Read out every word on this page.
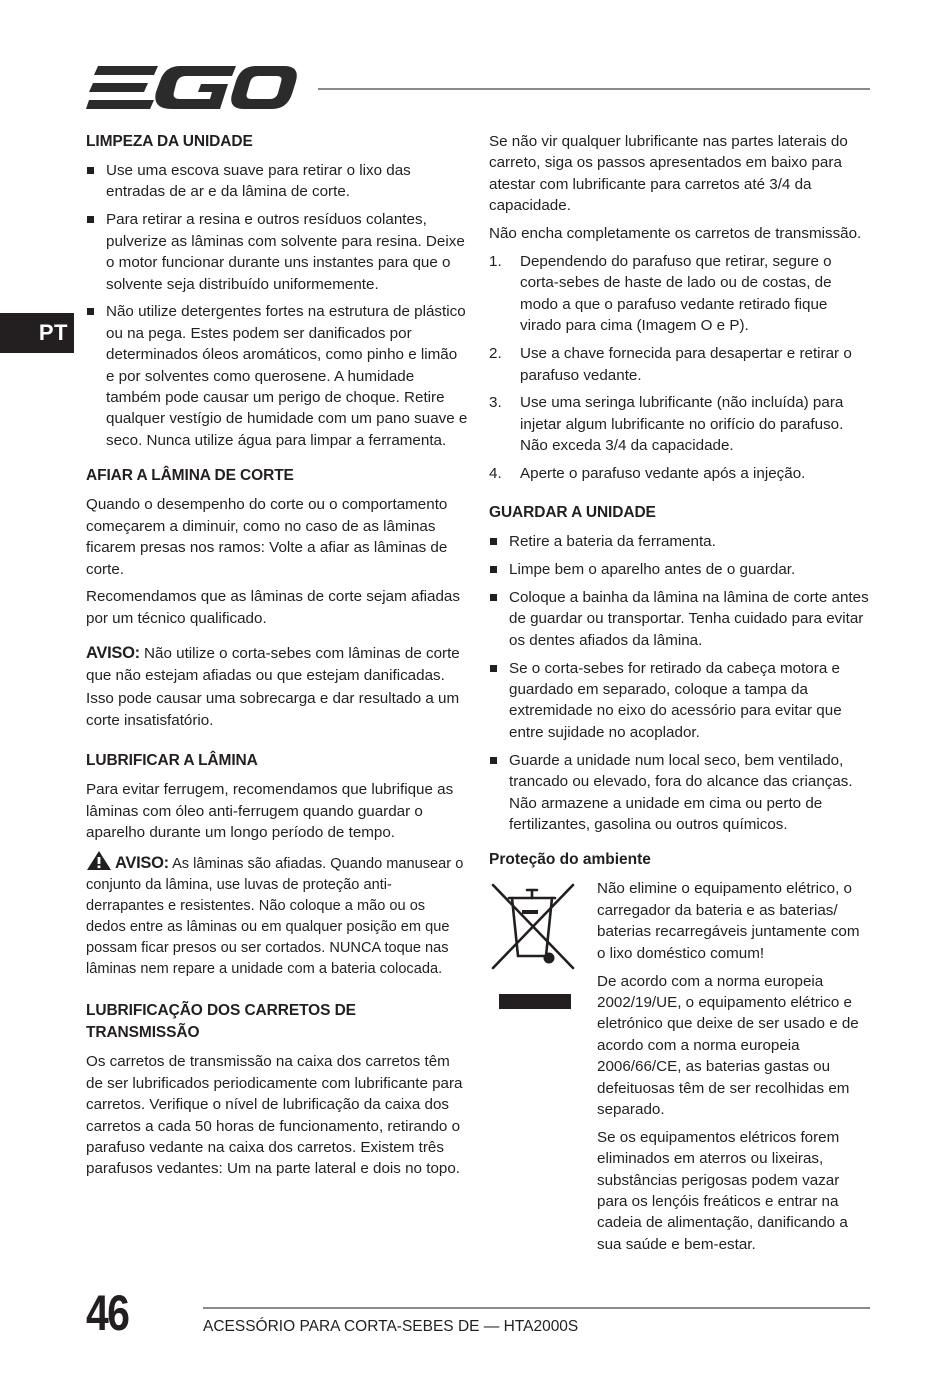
PT
LIMPEZA DA UNIDADE
Use uma escova suave para retirar o lixo das entradas de ar e da lâmina de corte.
Para retirar a resina e outros resíduos colantes, pulverize as lâminas com solvente para resina. Deixe o motor funcionar durante uns instantes para que o solvente seja distribuído uniformemente.
Não utilize detergentes fortes na estrutura de plástico ou na pega. Estes podem ser danificados por determinados óleos aromáticos, como pinho e limão e por solventes como querosene. A humidade também pode causar um perigo de choque. Retire qualquer vestígio de humidade com um pano suave e seco. Nunca utilize água para limpar a ferramenta.
AFIAR A LÂMINA DE CORTE

Quando o desempenho do corte ou o comportamento começarem a diminuir, como no caso de as lâminas ficarem presas nos ramos: Volte a afiar as lâminas de corte.

Recomendamos que as lâminas de corte sejam afiadas por um técnico qualificado.

AVISO: Não utilize o corta-sebes com lâminas de corte que não estejam afiadas ou que estejam danificadas. Isso pode causar uma sobrecarga e dar resultado a um corte insatisfatório.

LUBRIFICAR A LÂMINA

Para evitar ferrugem, recomendamos que lubrifique as lâminas com óleo anti-ferrugem quando guardar o aparelho durante um longo período de tempo.

AVISO: As lâminas são afiadas. Quando manusear o conjunto da lâmina, use luvas de proteção anti-derrapantes e resistentes. Não coloque a mão ou os dedos entre as lâminas ou em qualquer posição em que possam ficar presos ou ser cortados. NUNCA toque nas lâminas nem repare a unidade com a bateria colocada.
LUBRIFICAÇÃO DOS CARRETOS DE TRANSMISSÃO

Os carretos de transmissão na caixa dos carretos têm de ser lubrificados periodicamente com lubrificante para carretos. Verifique o nível de lubrificação da caixa dos carretos a cada 50 horas de funcionamento, retirando o parafuso vedante na caixa dos carretos. Existem três parafusos vedantes: Um na parte lateral e dois no topo.

Se não vir qualquer lubrificante nas partes laterais do carreto, siga os passos apresentados em baixo para atestar com lubrificante para carretos até 3/4 da capacidade.

Não encha completamente os carretos de transmissão.

1. Dependendo do parafuso que retirar, segure o corta-sebes de haste de lado ou de costas, de modo a que o parafuso vedante retirado fique virado para cima (Imagem O e P).
2. Use a chave fornecida para desapertar e retirar o parafuso vedante.
3. Use uma seringa lubrificante (não incluída) para injetar algum lubrificante no orifício do parafuso. Não exceda 3/4 da capacidade.
4. Aperte o parafuso vedante após a injeção.
GUARDAR A UNIDADE
Retire a bateria da ferramenta.
Limpe bem o aparelho antes de o guardar.
Coloque a bainha da lâmina na lâmina de corte antes de guardar ou transportar. Tenha cuidado para evitar os dentes afiados da lâmina.
Se o corta-sebes for retirado da cabeça motora e guardado em separado, coloque a tampa da extremidade no eixo do acessório para evitar que entre sujidade no acoplador.
Guarde a unidade num local seco, bem ventilado, trancado ou elevado, fora do alcance das crianças. Não armazene a unidade em cima ou perto de fertilizantes, gasolina ou outros químicos.
Proteção do ambiente

Não elimine o equipamento elétrico, o carregador da bateria e as baterias/ baterias recarregáveis juntamente com o lixo doméstico comum!

De acordo com a norma europeia 2002/19/UE, o equipamento elétrico e eletrónico que deixe de ser usado e de acordo com a norma europeia 2006/66/CE, as baterias gastas ou defeituosas têm de ser recolhidas em separado.

Se os equipamentos elétricos forem eliminados em aterros ou lixeiras, substâncias perigosas podem vazar para os lençóis freáticos e entrar na cadeia de alimentação, danificando a sua saúde e bem-estar.

46	ACESSÓRIO PARA CORTA-SEBES DE — HTA2000S
